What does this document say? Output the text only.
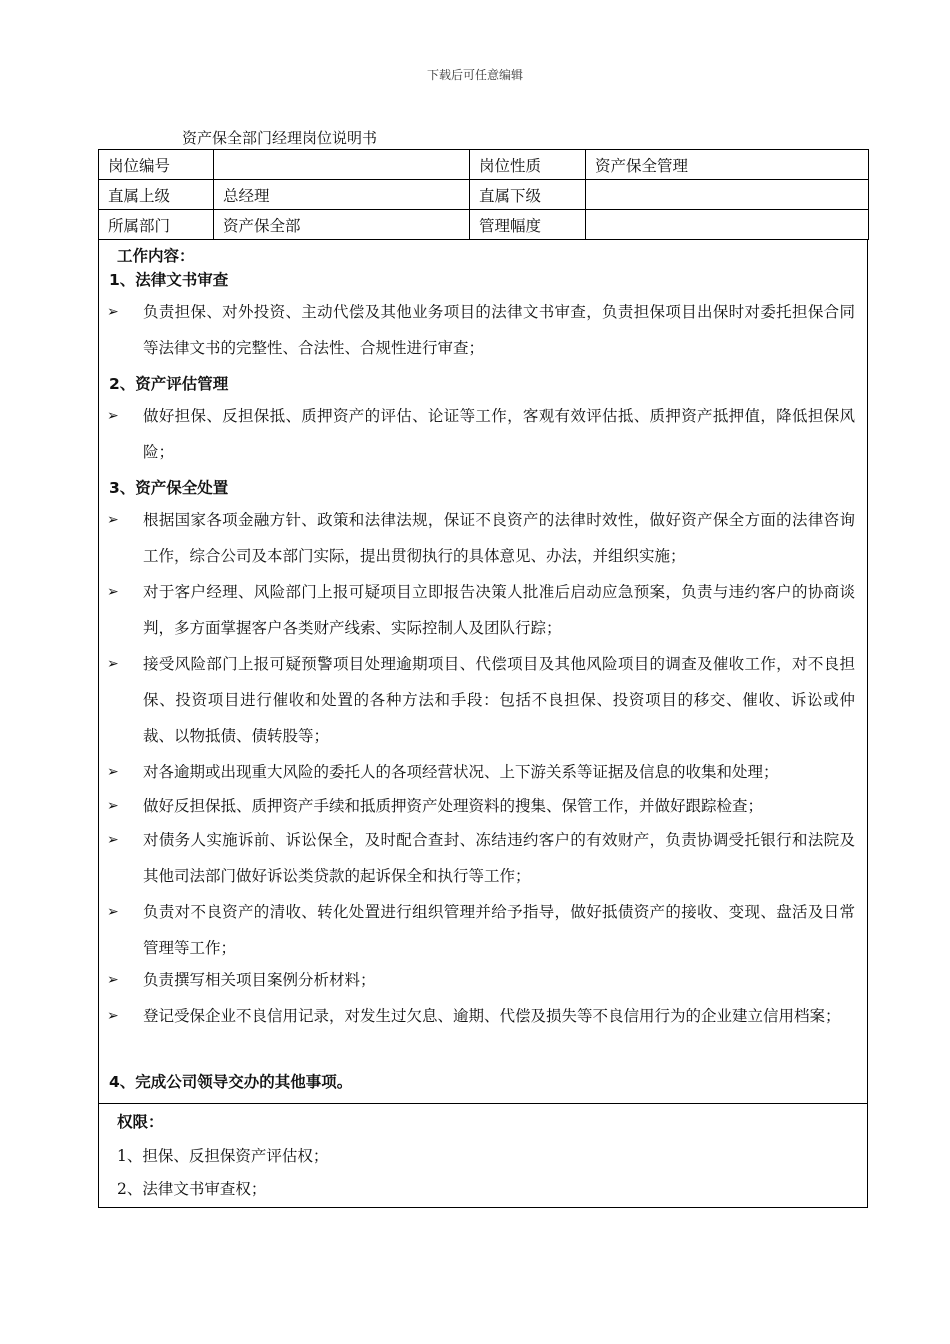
下载后可任意编辑
资产保全部门经理岗位说明书
岗位编号		岗位性质	资产保全管理
直属上级	总经理	直属下级	
所属部门	资产保全部	管理幅度	
工作内容：
1、法律文书审查
➢ 负责担保、对外投资、主动代偿及其他业务项目的法律文书审查，负责担保项目出保时对委托担保合同等法律文书的完整性、合法性、合规性进行审查；
2、资产评估管理
➢ 做好担保、反担保抵、质押资产的评估、论证等工作，客观有效评估抵、质押资产抵押值，降低担保风险；
3、资产保全处置
➢ 根据国家各项金融方针、政策和法律法规，保证不良资产的法律时效性，做好资产保全方面的法律咨询工作，综合公司及本部门实际，提出贯彻执行的具体意见、办法，并组织实施；
➢ 对于客户经理、风险部门上报可疑项目立即报告决策人批准后启动应急预案，负责与违约客户的协商谈判，多方面掌握客户各类财产线索、实际控制人及团队行踪；
➢ 接受风险部门上报可疑预警项目处理逾期项目、代偿项目及其他风险项目的调查及催收工作，对不良担保、投资项目进行催收和处置的各种方法和手段：包括不良担保、投资项目的移交、催收、诉讼或仲裁、以物抵债、债转股等；
➢ 对各逾期或出现重大风险的委托人的各项经营状况、上下游关系等证据及信息的收集和处理；
➢ 做好反担保抵、质押资产手续和抵质押资产处理资料的搜集、保管工作，并做好跟踪检查；
➢ 对债务人实施诉前、诉讼保全，及时配合查封、冻结违约客户的有效财产，负责协调受托银行和法院及其他司法部门做好诉讼类贷款的起诉保全和执行等工作；
➢ 负责对不良资产的清收、转化处置进行组织管理并给予指导，做好抵债资产的接收、变现、盘活及日常管理等工作；
➢ 负责撰写相关项目案例分析材料；
➢ 登记受保企业不良信用记录，对发生过欠息、逾期、代偿及损失等不良信用行为的企业建立信用档案；
4、完成公司领导交办的其他事项。
权限：
1、担保、反担保资产评估权；
2、法律文书审查权；
